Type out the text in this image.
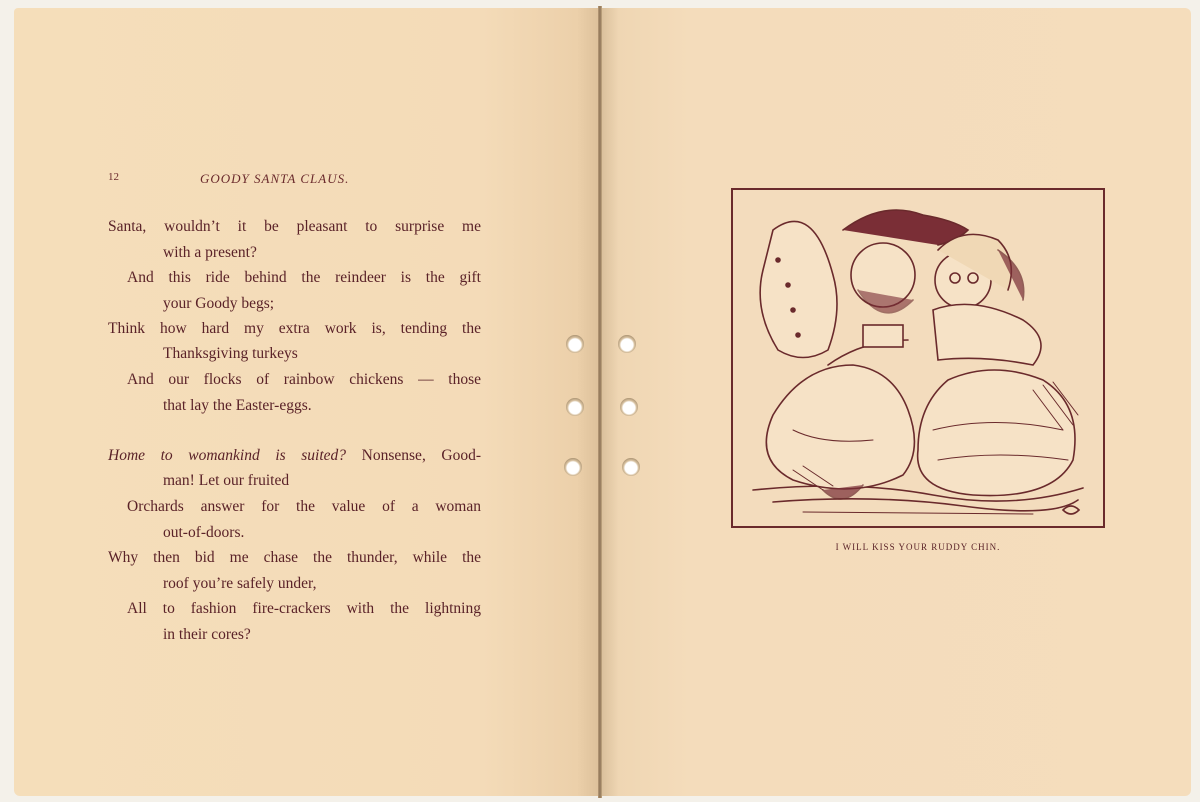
12	GOODY SANTA CLAUS.
Santa, wouldn’t it be pleasant to surprise me
with a present?
And this ride behind the reindeer is the gift
your Goody begs;
Think how hard my extra work is, tending the
Thanksgiving turkeys
And our flocks of rainbow chickens — those
that lay the Easter-eggs.
Home to womankind is suited? Nonsense, Good-
man! Let our fruited
Orchards answer for the value of a woman
out-of-doors.
Why then bid me chase the thunder, while the
roof you’re safely under,
All to fashion fire-crackers with the lightning
in their cores?
I WILL KISS YOUR RUDDY CHIN.
